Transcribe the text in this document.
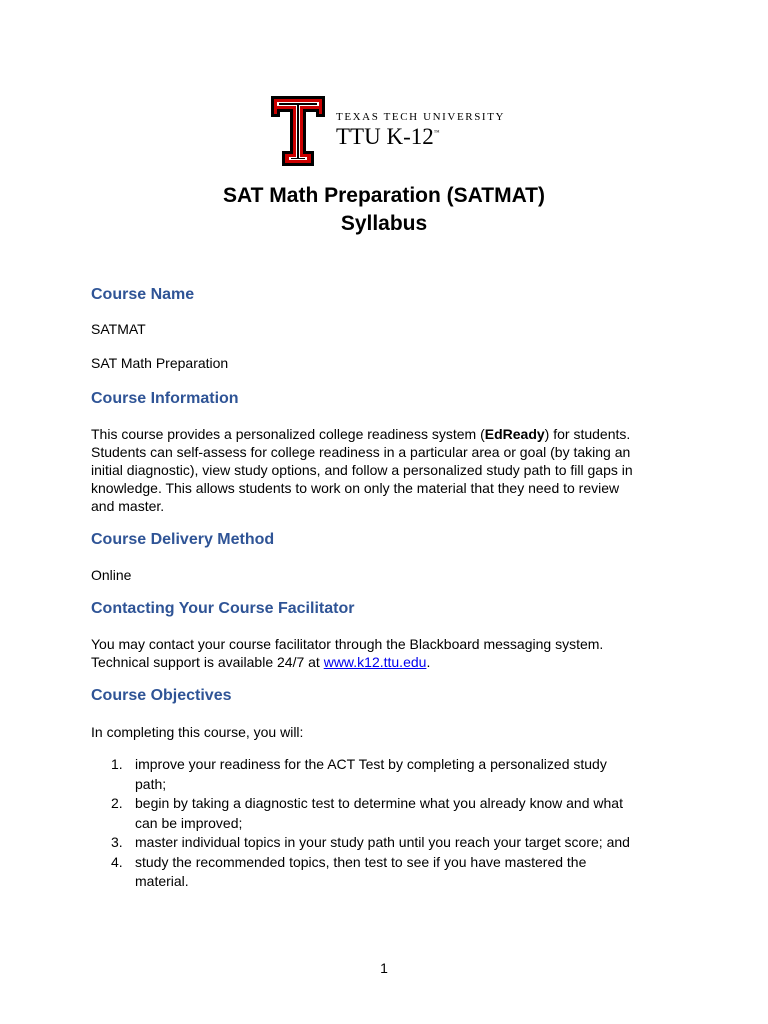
TEXAS TECH UNIVERSITY
TTU K-12™
SAT Math Preparation (SATMAT)
Syllabus
Course Name
SATMAT
SAT Math Preparation
Course Information
This course provides a personalized college readiness system (EdReady) for students.
Students can self-assess for college readiness in a particular area or goal (by taking an
initial diagnostic), view study options, and follow a personalized study path to fill gaps in
knowledge. This allows students to work on only the material that they need to review
and master.
Course Delivery Method
Online
Contacting Your Course Facilitator
You may contact your course facilitator through the Blackboard messaging system.
Technical support is available 24/7 at www.k12.ttu.edu.
Course Objectives
In completing this course, you will:
1. improve your readiness for the ACT Test by completing a personalized study
path;
2. begin by taking a diagnostic test to determine what you already know and what
can be improved;
3. master individual topics in your study path until you reach your target score; and
4. study the recommended topics, then test to see if you have mastered the
material.
1
